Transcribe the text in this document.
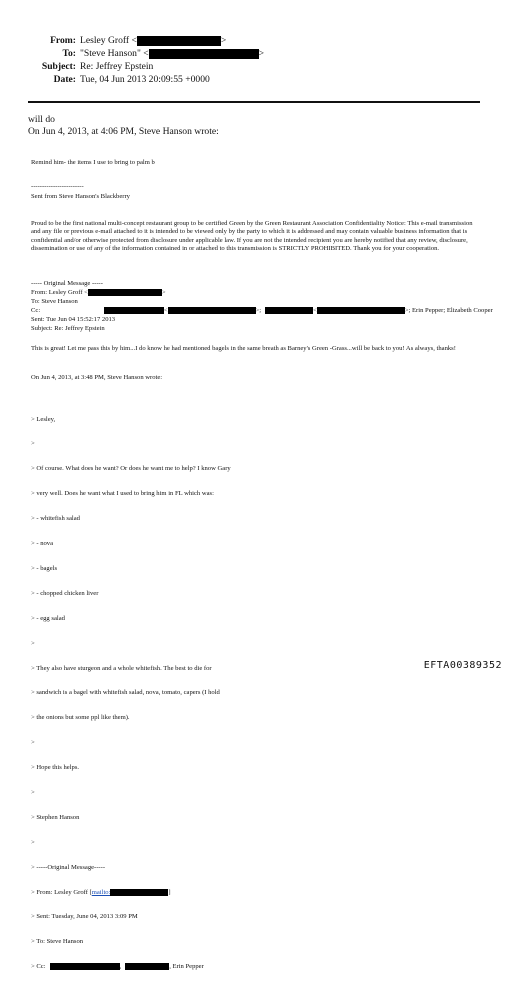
From: Lesley Groff <	>
To: "Steve Hanson" <	>
Subject: Re: Jeffrey Epstein
Date: Tue, 04 Jun 2013 20:09:55 +0000
will do
On Jun 4, 2013, at 4:06 PM, Steve Hanson wrote:
Remind him- the items I use to bring to palm b
------------------------
Sent from Steve Hanson's Blackberry
Proud to be the first national multi-concept restaurant group to be certified Green by the Green Restaurant Association Confidentiality Notice: This e-mail transmission and any file or previous e-mail attached to it is intended to be viewed only by the party to which it is addressed and may contain valuable business information that is confidential and/or otherwise protected from disclosure under applicable law. If you are not the intended recipient you are hereby notified that any review, disclosure, dissemination or use of any of the information contained in or attached to this transmission is STRICTLY PROHIBITED. Thank you for your cooperation.
----- Original Message -----
From: Lesley Groff <	>
To: Steve Hanson
Cc:	<	>;	<	>; Erin Pepper; Elizabeth Cooper
Sent: Tue Jun 04 15:52:17 2013
Subject: Re: Jeffrey Epstein
This is great! Let me pass this by him...I do know he had mentioned bagels in the same breath as Barney's Green -Grass...will be back to you! As always, thanks!
On Jun 4, 2013, at 3:48 PM, Steve Hanson wrote:

> Lesley,

>

> Of course. What does he want? Or does he want me to help? I know Gary

> very well. Does he want what I used to bring him in FL which was:

> - whitefish salad

> - nova

> - bagels

> - chopped chicken liver

> - egg salad

>

> They also have sturgeon and a whole whitefish. The best to die for

> sandwich is a bagel with whitefish salad, nova, tomato, capers (I hold

> the onions but some ppl like them).

>

> Hope this helps.

>

> Stephen Hanson

>

> -----Original Message-----

> From: Lesley Groff [mailto:	]

> Sent: Tuesday, June 04, 2013 3:09 PM

> To: Steve Hanson

> Cc:	,	, Erin Pepper

EFTA00389352
